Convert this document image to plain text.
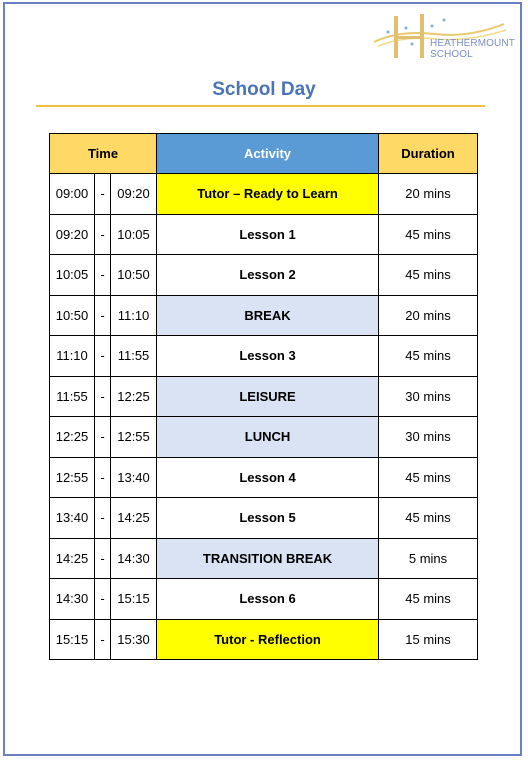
HEATHERMOUNT
SCHOOL
School Day
Time			Activity	Duration
09:00	-	09:20	Tutor – Ready to Learn	20 mins
09:20	-	10:05	Lesson 1	45 mins
10:05	-	10:50	Lesson 2	45 mins
10:50	-	11:10	BREAK	20 mins
11:10	-	11:55	Lesson 3	45 mins
11:55	-	12:25	LEISURE	30 mins
12:25	-	12:55	LUNCH	30 mins
12:55	-	13:40	Lesson 4	45 mins
13:40	-	14:25	Lesson 5	45 mins
14:25	-	14:30	TRANSITION BREAK	5 mins
14:30	-	15:15	Lesson 6	45 mins
15:15	-	15:30	Tutor - Reflection	15 mins
